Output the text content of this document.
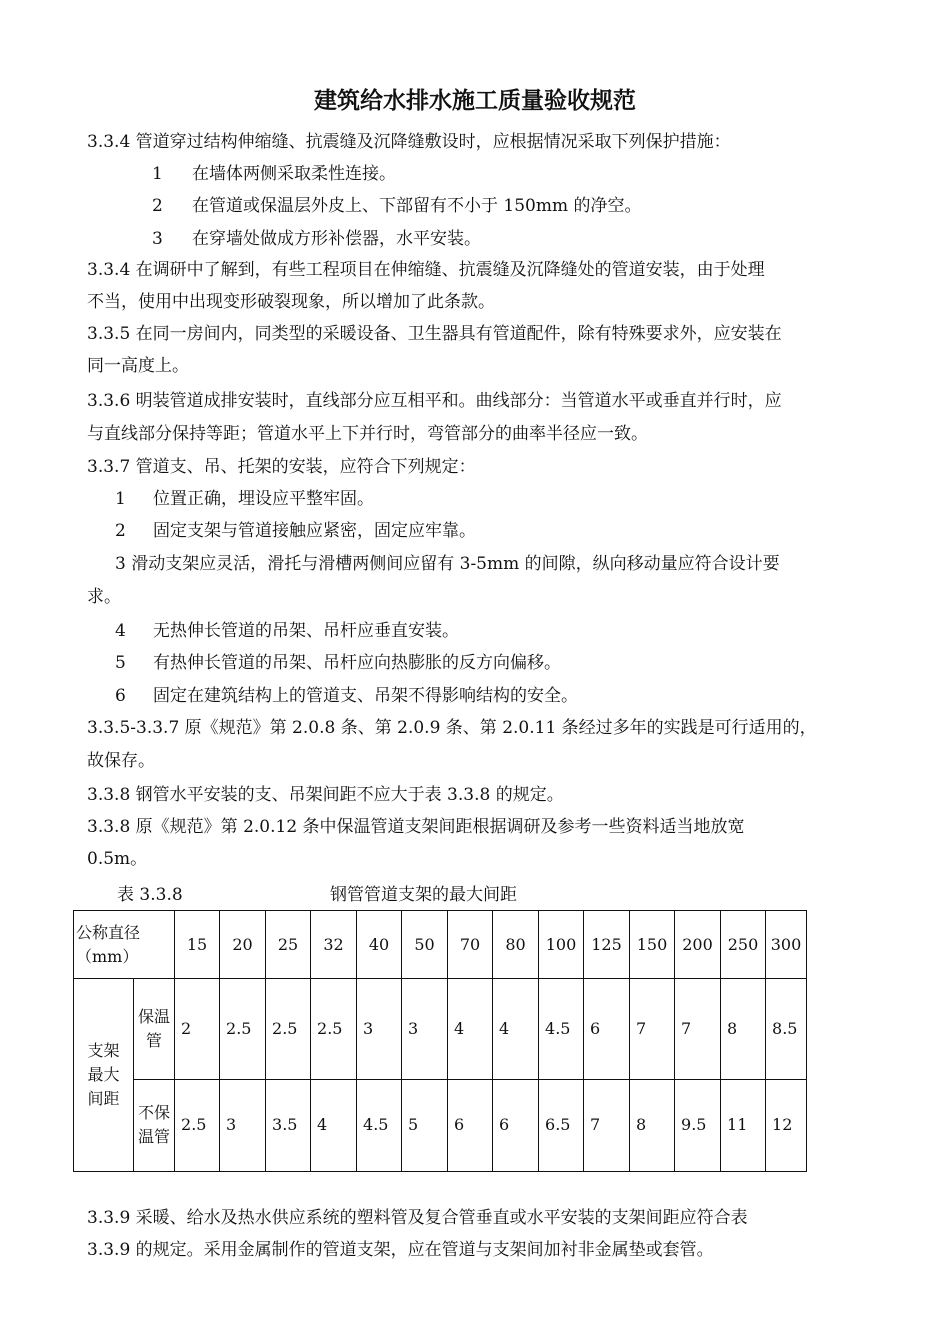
建筑给水排水施工质量验收规范
3.3.4 管道穿过结构伸缩缝、抗震缝及沉降缝敷设时，应根据情况采取下列保护措施：
1 在墙体两侧采取柔性连接。
2 在管道或保温层外皮上、下部留有不小于 150mm 的净空。
3 在穿墙处做成方形补偿器，水平安装。
3.3.4 在调研中了解到，有些工程项目在伸缩缝、抗震缝及沉降缝处的管道安装，由于处理
不当，使用中出现变形破裂现象，所以增加了此条款。
3.3.5 在同一房间内，同类型的采暖设备、卫生器具有管道配件，除有特殊要求外，应安装在
同一高度上。
3.3.6 明装管道成排安装时，直线部分应互相平和。曲线部分：当管道水平或垂直并行时，应
与直线部分保持等距；管道水平上下并行时，弯管部分的曲率半径应一致。
3.3.7 管道支、吊、托架的安装，应符合下列规定：
1 位置正确，埋设应平整牢固。
2 固定支架与管道接触应紧密，固定应牢靠。
3 滑动支架应灵活，滑托与滑槽两侧间应留有 3-5mm 的间隙，纵向移动量应符合设计要
求。
4 无热伸长管道的吊架、吊杆应垂直安装。
5 有热伸长管道的吊架、吊杆应向热膨胀的反方向偏移。
6 固定在建筑结构上的管道支、吊架不得影响结构的安全。
3.3.5-3.3.7 原《规范》第 2.0.8 条、第 2.0.9 条、第 2.0.11 条经过多年的实践是可行适用的，
故保存。
3.3.8 钢管水平安装的支、吊架间距不应大于表 3.3.8 的规定。
3.3.8 原《规范》第 2.0.12 条中保温管道支架间距根据调研及参考一些资料适当地放宽
0.5m。
表 3.3.8	钢管管道支架的最大间距
公称直径（mm）		15	20	25	32	40	50	70	80	100	125	150	200	250	300
支架最大间距	保温管	2	2.5	2.5	2.5	3	3	4	4	4.5	6	7	7	8	8.5
	不保温管	2.5	3	3.5	4	4.5	5	6	6	6.5	7	8	9.5	11	12
3.3.9 采暖、给水及热水供应系统的塑料管及复合管垂直或水平安装的支架间距应符合表
3.3.9 的规定。采用金属制作的管道支架，应在管道与支架间加衬非金属垫或套管。
